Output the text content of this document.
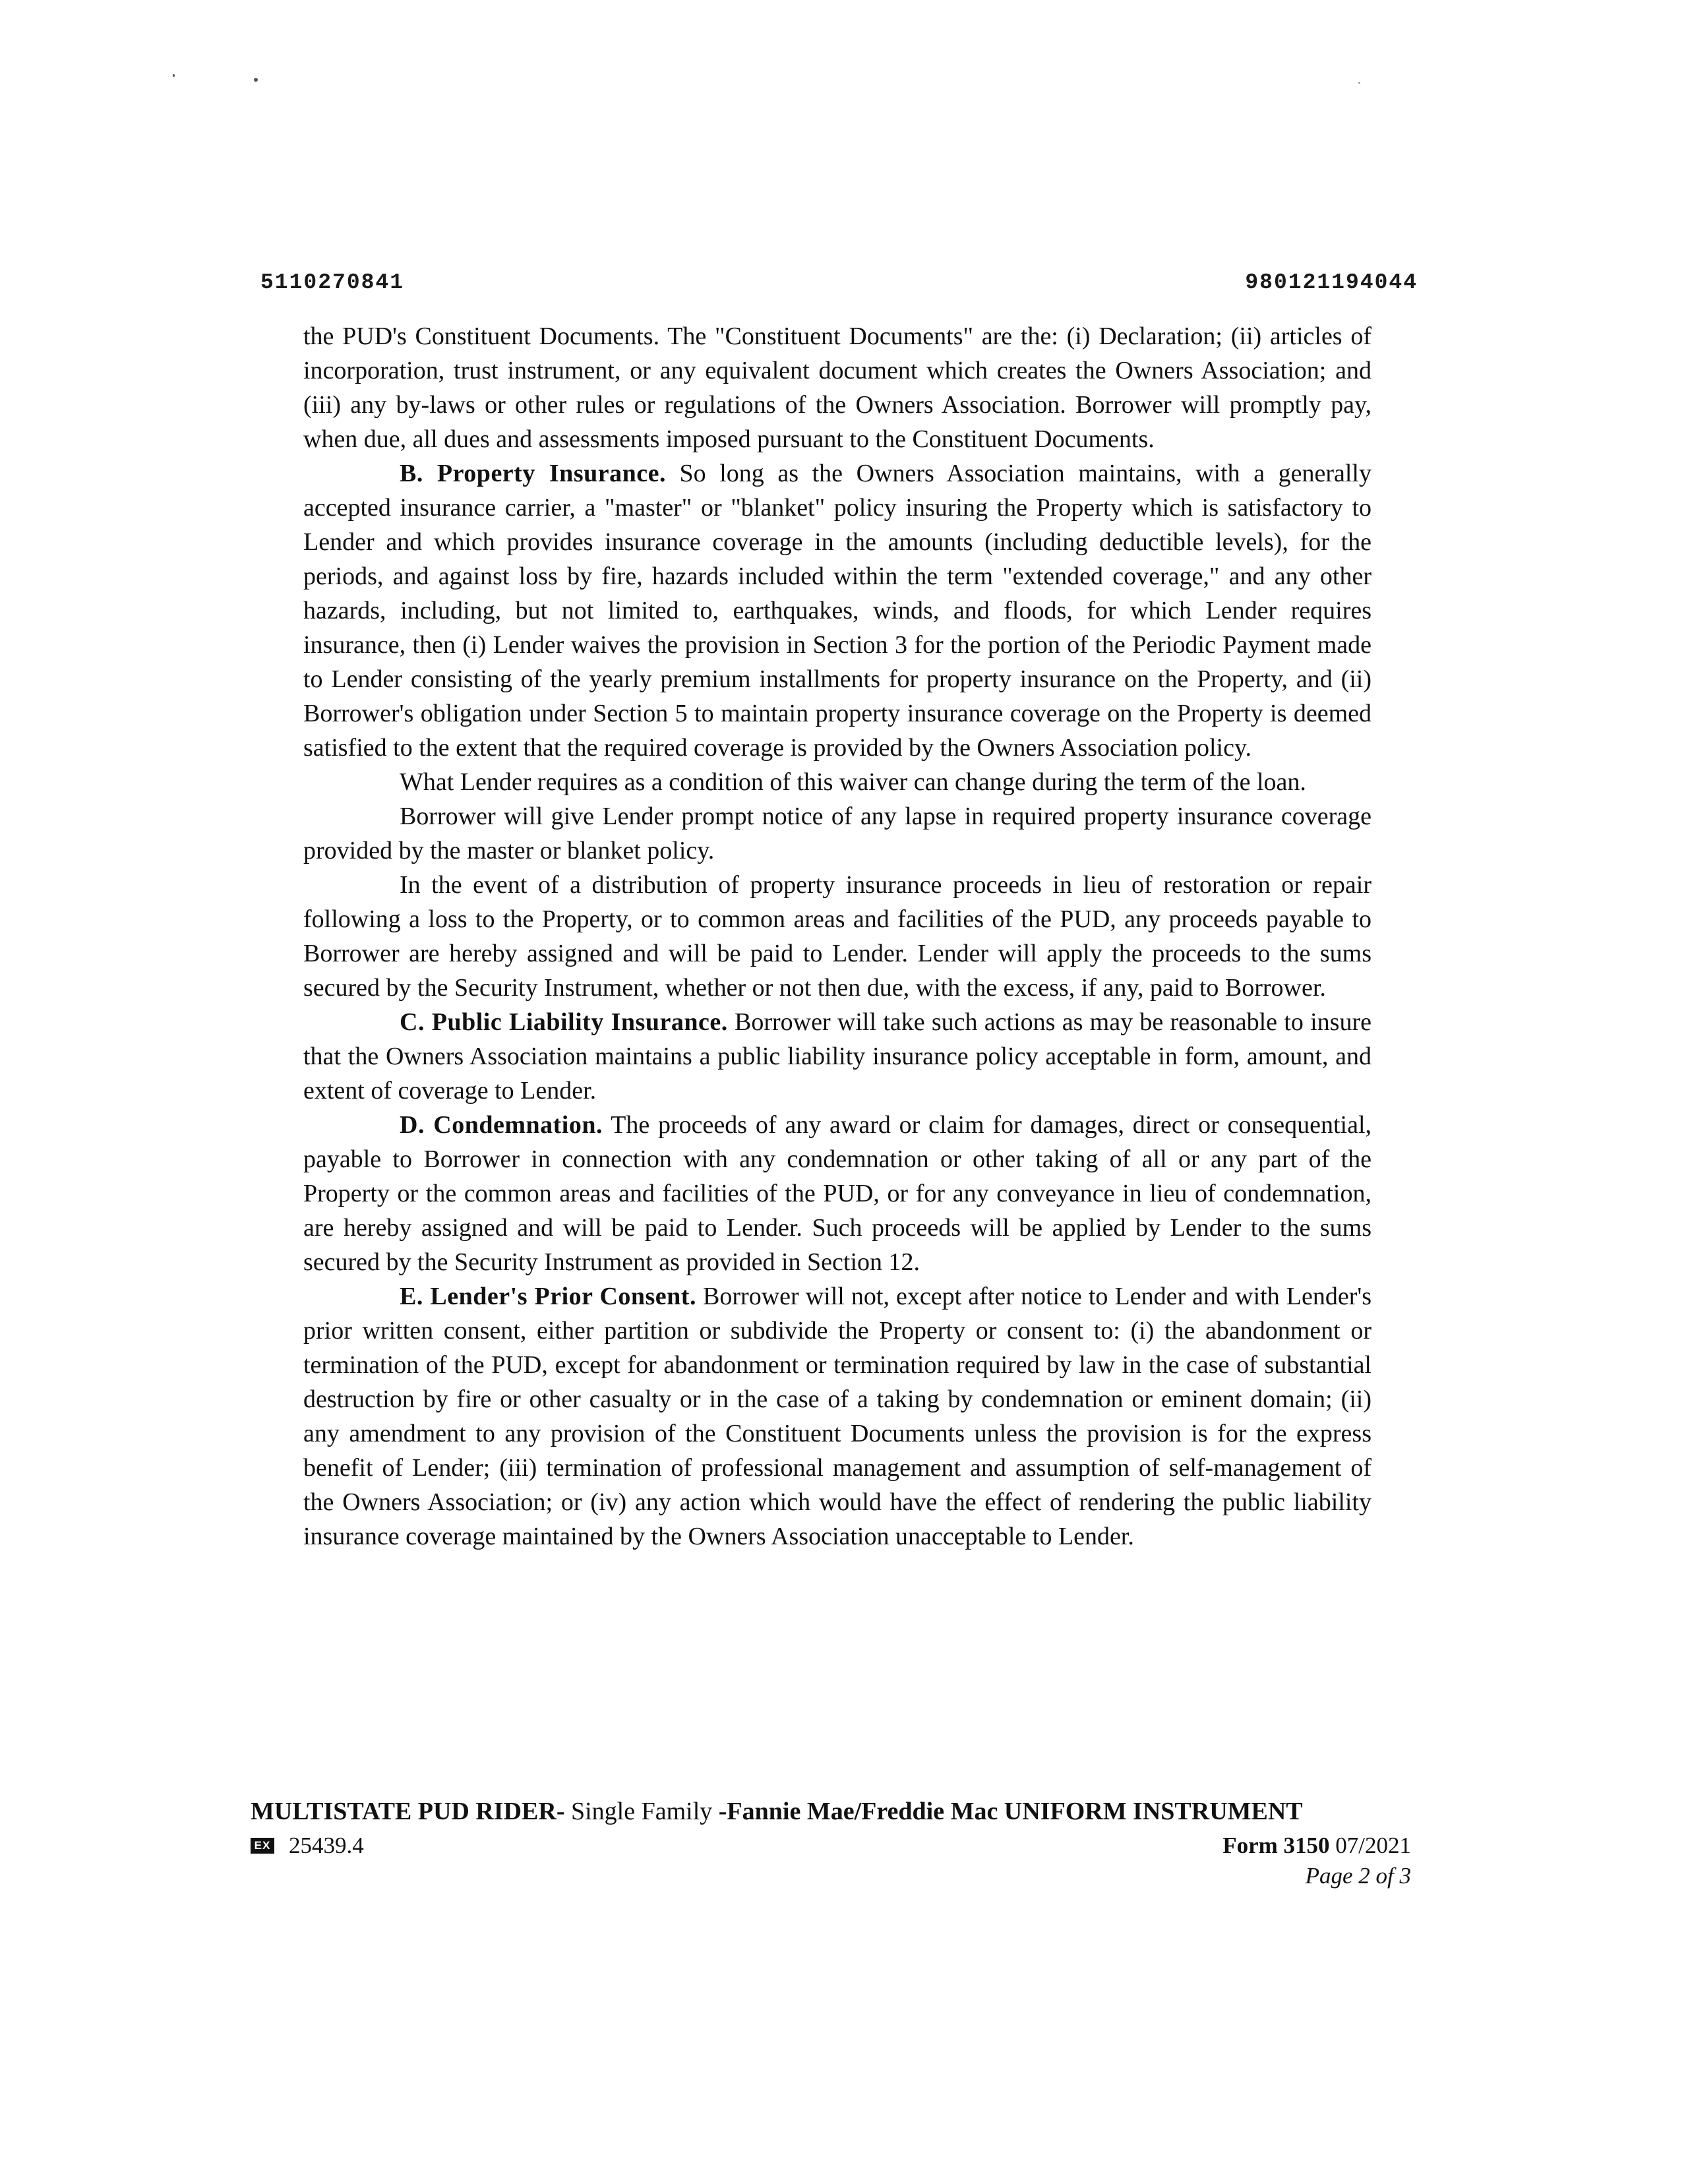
5110270841	980121194044

the PUD's Constituent Documents. The "Constituent Documents" are the: (i) Declaration; (ii) articles of incorporation, trust instrument, or any equivalent document which creates the Owners Association; and (iii) any by-laws or other rules or regulations of the Owners Association. Borrower will promptly pay, when due, all dues and assessments imposed pursuant to the Constituent Documents.

B. Property Insurance. So long as the Owners Association maintains, with a generally accepted insurance carrier, a "master" or "blanket" policy insuring the Property which is satisfactory to Lender and which provides insurance coverage in the amounts (including deductible levels), for the periods, and against loss by fire, hazards included within the term "extended coverage," and any other hazards, including, but not limited to, earthquakes, winds, and floods, for which Lender requires insurance, then (i) Lender waives the provision in Section 3 for the portion of the Periodic Payment made to Lender consisting of the yearly premium installments for property insurance on the Property, and (ii) Borrower's obligation under Section 5 to maintain property insurance coverage on the Property is deemed satisfied to the extent that the required coverage is provided by the Owners Association policy.

What Lender requires as a condition of this waiver can change during the term of the loan.

Borrower will give Lender prompt notice of any lapse in required property insurance coverage provided by the master or blanket policy.

In the event of a distribution of property insurance proceeds in lieu of restoration or repair following a loss to the Property, or to common areas and facilities of the PUD, any proceeds payable to Borrower are hereby assigned and will be paid to Lender. Lender will apply the proceeds to the sums secured by the Security Instrument, whether or not then due, with the excess, if any, paid to Borrower.

C. Public Liability Insurance. Borrower will take such actions as may be reasonable to insure that the Owners Association maintains a public liability insurance policy acceptable in form, amount, and extent of coverage to Lender.

D. Condemnation. The proceeds of any award or claim for damages, direct or consequential, payable to Borrower in connection with any condemnation or other taking of all or any part of the Property or the common areas and facilities of the PUD, or for any conveyance in lieu of condemnation, are hereby assigned and will be paid to Lender. Such proceeds will be applied by Lender to the sums secured by the Security Instrument as provided in Section 12.

E. Lender's Prior Consent. Borrower will not, except after notice to Lender and with Lender's prior written consent, either partition or subdivide the Property or consent to: (i) the abandonment or termination of the PUD, except for abandonment or termination required by law in the case of substantial destruction by fire or other casualty or in the case of a taking by condemnation or eminent domain; (ii) any amendment to any provision of the Constituent Documents unless the provision is for the express benefit of Lender; (iii) termination of professional management and assumption of self-management of the Owners Association; or (iv) any action which would have the effect of rendering the public liability insurance coverage maintained by the Owners Association unacceptable to Lender.

MULTISTATE PUD RIDER- Single Family -Fannie Mae/Freddie Mac UNIFORM INSTRUMENT
EX 25439.4	Form 3150 07/2021
Page 2 of 3
